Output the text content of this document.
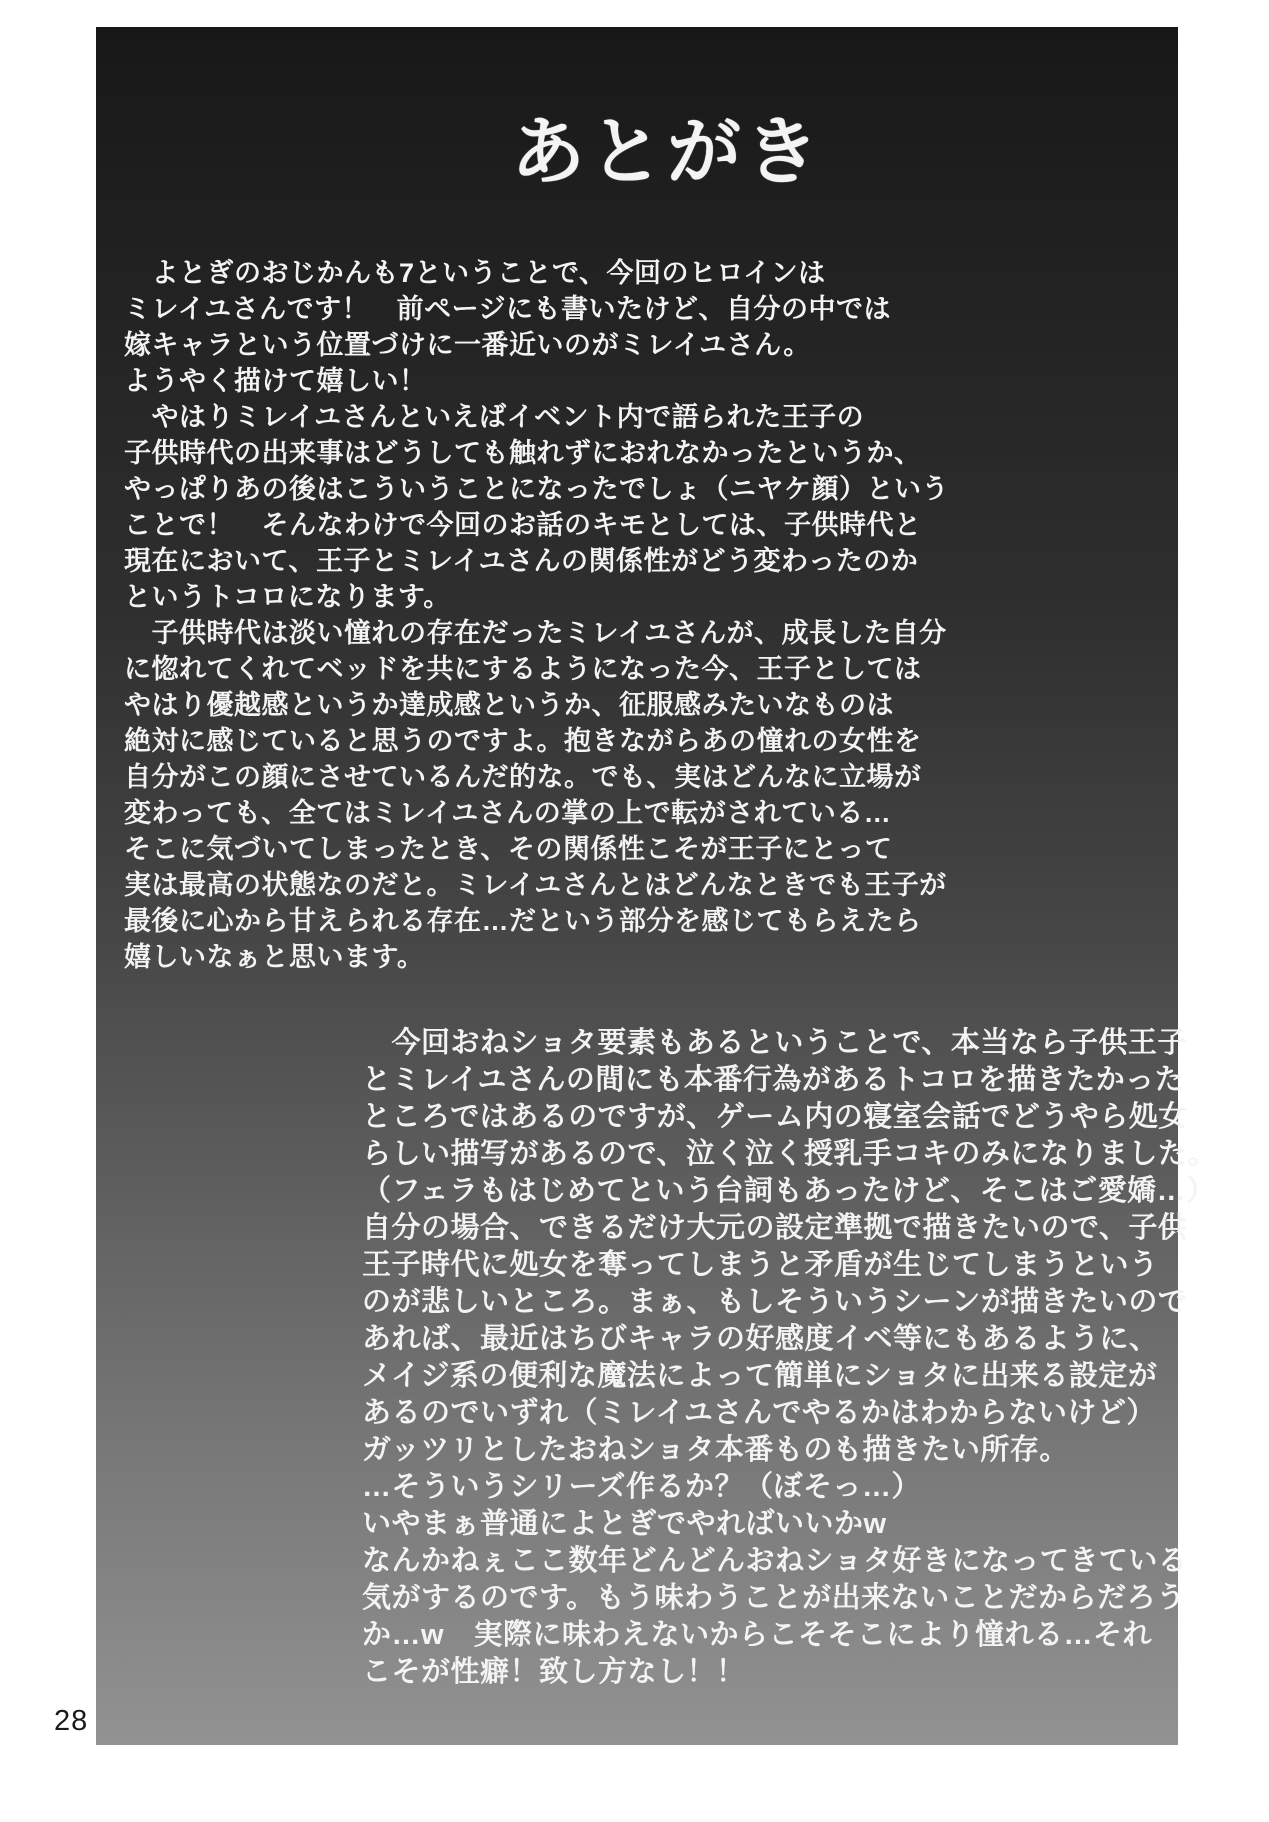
あとがき
　よとぎのおじかんも7ということで、今回のヒロインは
ミレイユさんです！　前ページにも書いたけど、自分の中では
嫁キャラという位置づけに一番近いのがミレイユさん。
ようやく描けて嬉しい！
　やはりミレイユさんといえばイベント内で語られた王子の
子供時代の出来事はどうしても触れずにおれなかったというか、
やっぱりあの後はこういうことになったでしょ（ニヤケ顔）という
ことで！　そんなわけで今回のお話のキモとしては、子供時代と
現在において、王子とミレイユさんの関係性がどう変わったのか
というトコロになります。
　子供時代は淡い憧れの存在だったミレイユさんが、成長した自分
に惚れてくれてベッドを共にするようになった今、王子としては
やはり優越感というか達成感というか、征服感みたいなものは
絶対に感じていると思うのですよ。抱きながらあの憧れの女性を
自分がこの顔にさせているんだ的な。でも、実はどんなに立場が
変わっても、全てはミレイユさんの掌の上で転がされている…
そこに気づいてしまったとき、その関係性こそが王子にとって
実は最高の状態なのだと。ミレイユさんとはどんなときでも王子が
最後に心から甘えられる存在…だという部分を感じてもらえたら
嬉しいなぁと思います。
　今回おねショタ要素もあるということで、本当なら子供王子
とミレイユさんの間にも本番行為があるトコロを描きたかった
ところではあるのですが、ゲーム内の寝室会話でどうやら処女
らしい描写があるので、泣く泣く授乳手コキのみになりました。
（フェラもはじめてという台詞もあったけど、そこはご愛嬌…）
自分の場合、できるだけ大元の設定準拠で描きたいので、子供
王子時代に処女を奪ってしまうと矛盾が生じてしまうという
のが悲しいところ。まぁ、もしそういうシーンが描きたいので
あれば、最近はちびキャラの好感度イベ等にもあるように、
メイジ系の便利な魔法によって簡単にショタに出来る設定が
あるのでいずれ（ミレイユさんでやるかはわからないけど）
ガッツリとしたおねショタ本番ものも描きたい所存。
…そういうシリーズ作るか？（ぼそっ…）
いやまぁ普通によとぎでやればいいかw
なんかねぇここ数年どんどんおねショタ好きになってきている
気がするのです。もう味わうことが出来ないことだからだろう
か…w　実際に味わえないからこそそこにより憧れる…それ
こそが性癖！致し方なし！！
28
